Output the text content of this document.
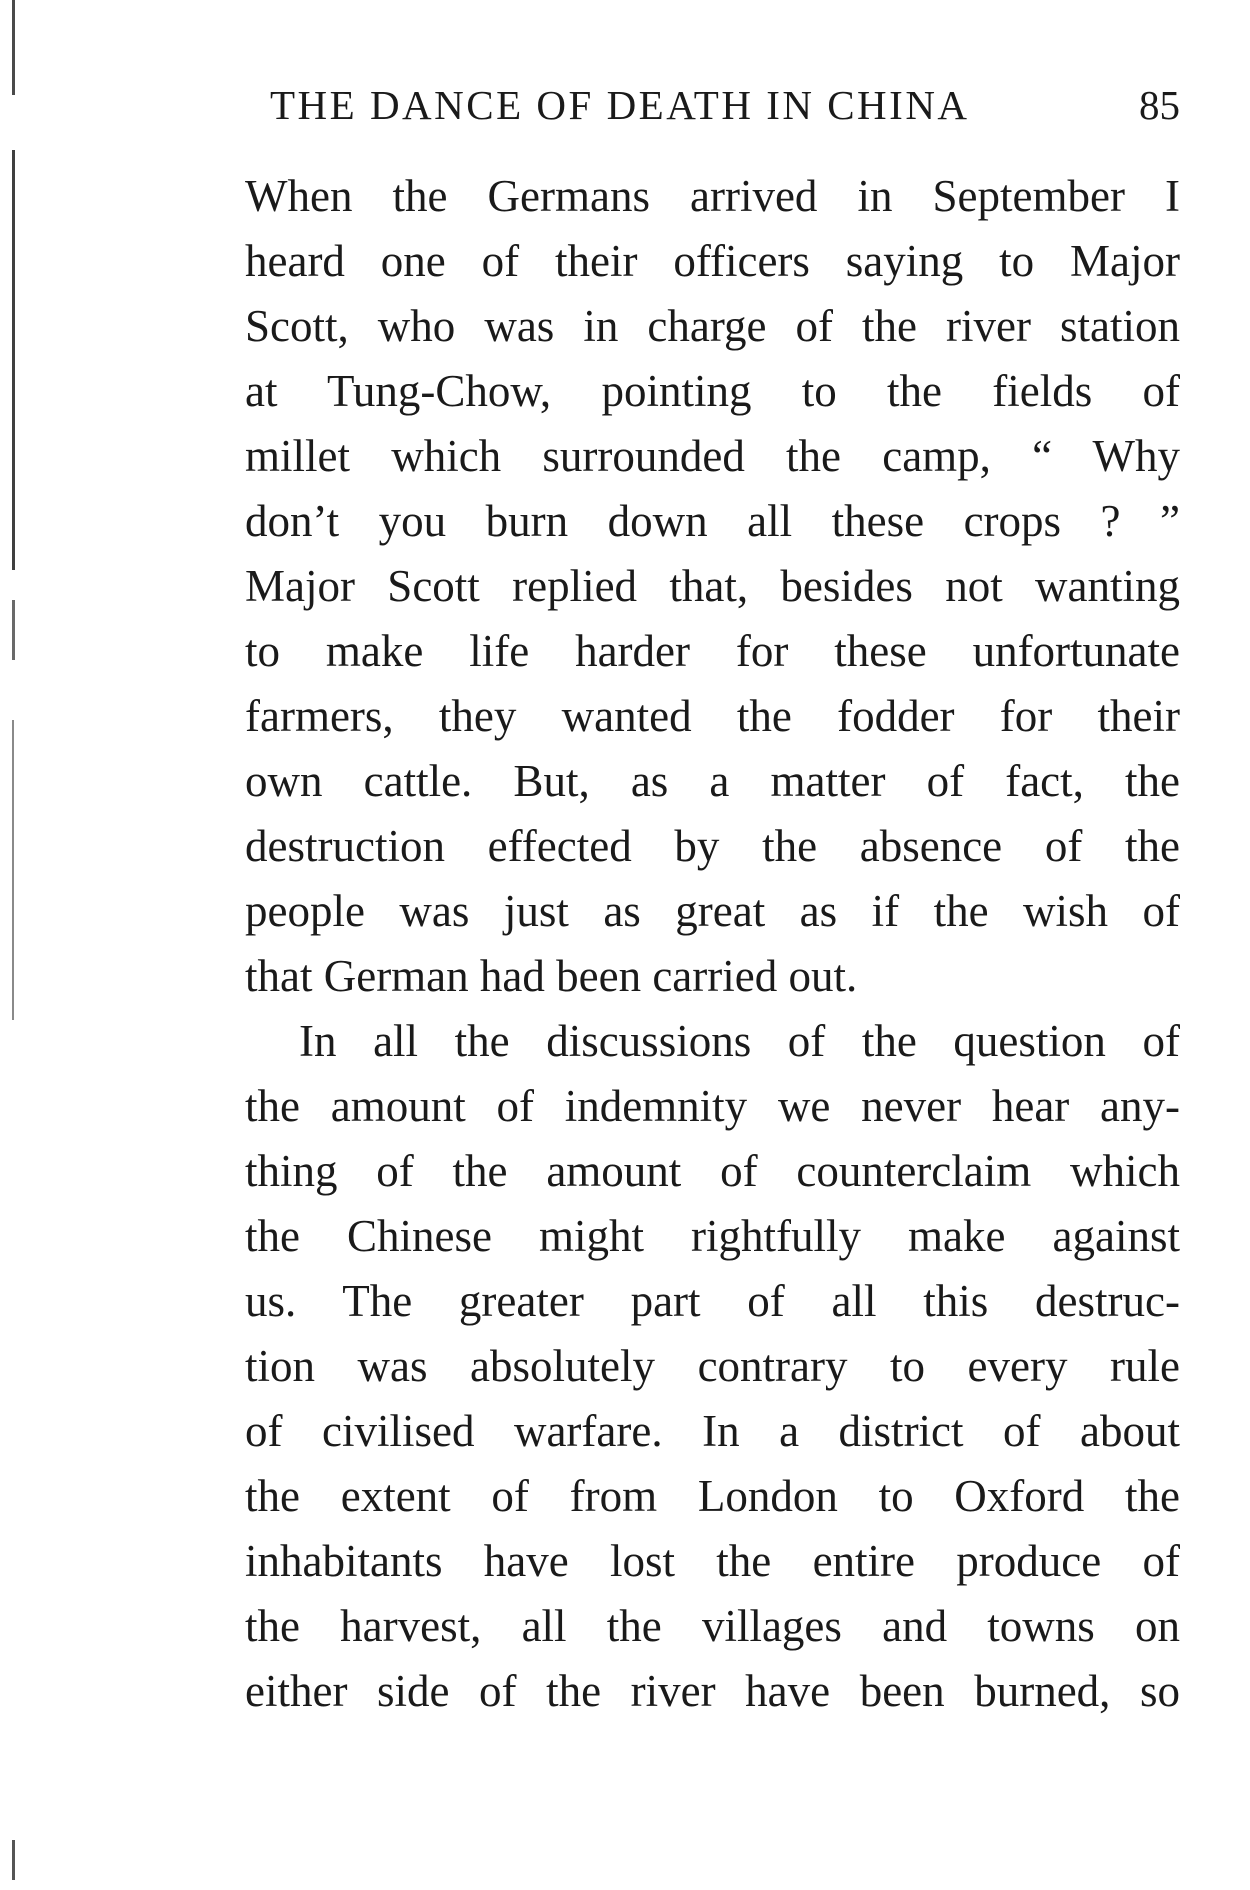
THE DANCE OF DEATH IN CHINA	85
When the Germans arrived in September I
heard one of their officers saying to Major
Scott, who was in charge of the river station
at Tung-Chow, pointing to the fields of
millet which surrounded the camp, “ Why
don’t you burn down all these crops ? ”
Major Scott replied that, besides not wanting
to make life harder for these unfortunate
farmers, they wanted the fodder for their
own cattle. But, as a matter of fact, the
destruction effected by the absence of the
people was just as great as if the wish of
that German had been carried out.
In all the discussions of the question of
the amount of indemnity we never hear any-
thing of the amount of counterclaim which
the Chinese might rightfully make against
us. The greater part of all this destruc-
tion was absolutely contrary to every rule
of civilised warfare. In a district of about
the extent of from London to Oxford the
inhabitants have lost the entire produce of
the harvest, all the villages and towns on
either side of the river have been burned, so
